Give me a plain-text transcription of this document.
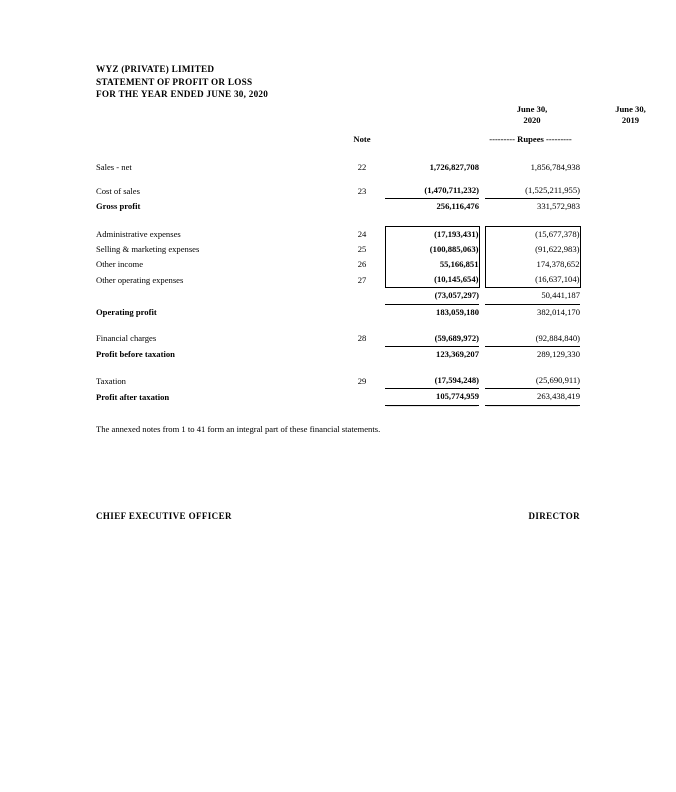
WYZ (PRIVATE) LIMITED
STATEMENT OF PROFIT OR LOSS
FOR THE YEAR ENDED JUNE 30, 2020
June 30,
2020
June 30,
2019
Note	--------- Rupees ---------
Sales - net	22		1,726,827,708		1,856,784,938

Cost of sales	23		(1,470,711,232)		(1,525,211,955)
Gross profit			256,116,476		331,572,983

Administrative expenses	24		(17,193,431)		(15,677,378)
Selling & marketing expenses	25		(100,885,063)		(91,622,983)
Other income	26		55,166,851		174,378,652
Other operating expenses	27		(10,145,654)		(16,637,104)
			(73,057,297)		50,441,187
Operating profit			183,059,180		382,014,170

Financial charges	28		(59,689,972)		(92,884,840)
Profit before taxation			123,369,207		289,129,330

Taxation	29		(17,594,248)		(25,690,911)
Profit after taxation			105,774,959		263,438,419
The annexed notes from 1 to 41 form an integral part of these financial statements.
CHIEF EXECUTIVE OFFICER	DIRECTOR
